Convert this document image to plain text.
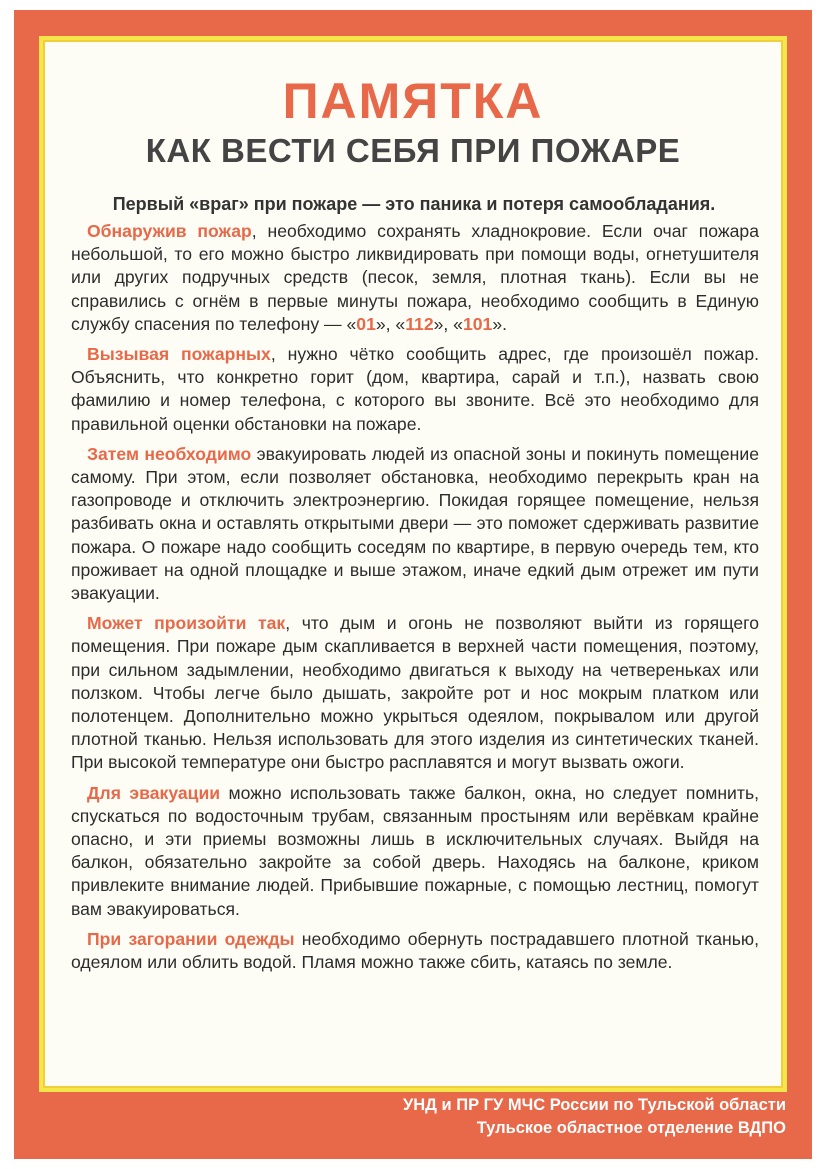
ПАМЯТКА
КАК ВЕСТИ СЕБЯ ПРИ ПОЖАРЕ
Первый «враг» при пожаре — это паника и потеря самообладания.

Обнаружив пожар, необходимо сохранять хладнокровие. Если очаг пожара небольшой, то его можно быстро ликвидировать при помощи воды, огнетушителя или других подручных средств (песок, земля, плотная ткань). Если вы не справились с огнём в первые минуты пожара, необходимо сообщить в Единую службу спасения по телефону — «01», «112», «101».

Вызывая пожарных, нужно чётко сообщить адрес, где произошёл пожар. Объяснить, что конкретно горит (дом, квартира, сарай и т.п.), назвать свою фамилию и номер телефона, с которого вы звоните. Всё это необходимо для правильной оценки обстановки на пожаре.

Затем необходимо эвакуировать людей из опасной зоны и покинуть помещение самому. При этом, если позволяет обстановка, необходимо перекрыть кран на газопроводе и отключить электроэнергию. Покидая горящее помещение, нельзя разбивать окна и оставлять открытыми двери — это поможет сдерживать развитие пожара. О пожаре надо сообщить соседям по квартире, в первую очередь тем, кто проживает на одной площадке и выше этажом, иначе едкий дым отрежет им пути эвакуации.

Может произойти так, что дым и огонь не позволяют выйти из горящего помещения. При пожаре дым скапливается в верхней части помещения, поэтому, при сильном задымлении, необходимо двигаться к выходу на четвереньках или ползком. Чтобы легче было дышать, закройте рот и нос мокрым платком или полотенцем. Дополнительно можно укрыться одеялом, покрывалом или другой плотной тканью. Нельзя использовать для этого изделия из синтетических тканей. При высокой температуре они быстро расплавятся и могут вызвать ожоги.

Для эвакуации можно использовать также балкон, окна, но следует помнить, спускаться по водосточным трубам, связанным простыням или верёвкам крайне опасно, и эти приемы возможны лишь в исключительных случаях. Выйдя на балкон, обязательно закройте за собой дверь. Находясь на балконе, криком привлеките внимание людей. Прибывшие пожарные, с помощью лестниц, помогут вам эвакуироваться.

При загорании одежды необходимо обернуть пострадавшего плотной тканью, одеялом или облить водой. Пламя можно также сбить, катаясь по земле.

УНД и ПР ГУ МЧС России по Тульской области
Тульское областное отделение ВДПО
